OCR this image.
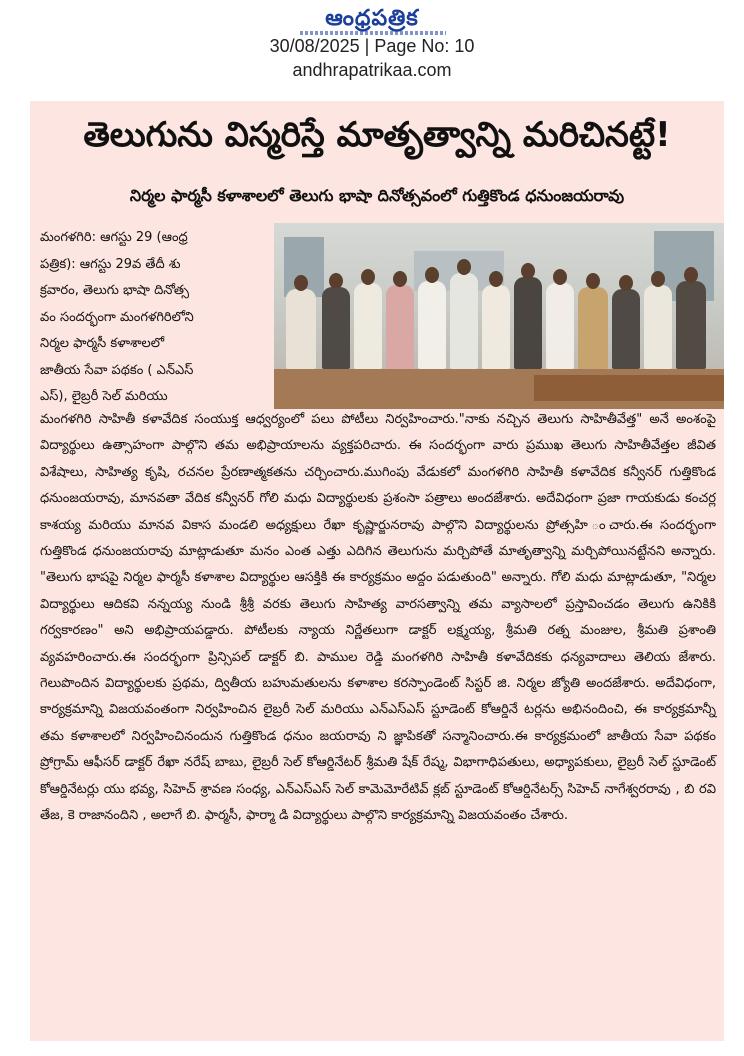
ఆంధ్రపత్రిక
30/08/2025 | Page No: 10
andhrapatrikaa.com
తెలుగును విస్మరిస్తే మాతృత్వాన్ని మరిచినట్టే!
నిర్మల ఫార్మసీ కళాశాలలో తెలుగు భాషా దినోత్సవంలో గుత్తికొండ ధనుంజయరావు
మంగళగిరి: ఆగస్టు 29 (ఆంధ్ర
పత్రిక): ఆగస్టు 29వ తేదీ శు
క్రవారం, తెలుగు భాషా దినోత్స
వం సందర్భంగా మంగళగిరిలోని
నిర్మల ఫార్మసీ కళాశాలలో
జాతీయ సేవా పథకం ( ఎన్ఎస్
ఎస్), లైబ్రరీ సెల్ మరియు
మంగళగిరి సాహితీ కళావేదిక సంయుక్త ఆధ్వర్యంలో పలు పోటీలు నిర్వహించారు."నాకు నచ్చిన తెలుగు సాహితీవేత్త" అనే అంశంపై విద్యార్థులు ఉత్సాహంగా పాల్గొని తమ అభిప్రాయాలను వ్యక్తపరిచారు. ఈ సందర్భంగా వారు ప్రముఖ తెలుగు సాహితీవేత్తల జీవిత విశేషాలు, సాహిత్య కృషి, రచనల ప్రేరణాత్మకతను చర్చించారు.ముగింపు వేడుకలో మంగళగిరి సాహితీ కళావేదిక కన్వీనర్ గుత్తికొండ ధనుంజయరావు, మానవతా వేదిక కన్వీనర్ గోలి మధు విద్యార్థులకు ప్రశంసా పత్రాలు అందజేశారు. అదేవిధంగా ప్రజా గాయకుడు కంచర్ల కాశయ్య మరియు మానవ వికాస మండలి అధ్యక్షులు రేఖా కృష్ణార్జునరావు పాల్గొని విద్యార్థులను ప్రోత్సహి ంచారు.ఈ సందర్భంగా గుత్తికొండ ధనుంజయరావు మాట్లాడుతూ మనం ఎంత ఎత్తు ఎదిగిన తెలుగును మర్చిపోతే మాతృత్వాన్ని మర్చిపోయినట్టేనని అన్నారు. "తెలుగు భాషపై నిర్మల ఫార్మసీ కళాశాల విద్యార్థుల ఆసక్తికి ఈ కార్యక్రమం అద్దం పడుతుంది" అన్నారు. గోలి మధు మాట్లాడుతూ, "నిర్మల విద్యార్థులు ఆదికవి నన్నయ్య నుండి శ్రీశ్రీ వరకు తెలుగు సాహిత్య వారసత్వాన్ని తమ వ్యాసాలలో ప్రస్తావించడం తెలుగు ఉనికికి గర్వకారణం" అని అభిప్రాయపడ్డారు. పోటీలకు న్యాయ నిర్ణేతలుగా డాక్టర్ లక్ష్మయ్య, శ్రీమతి రత్న మంజుల, శ్రీమతి ప్రశాంతి వ్యవహరించారు.ఈ సందర్భంగా ప్రిన్సిపల్ డాక్టర్ బి. పాముల రెడ్డి మంగళగిరి సాహితీ కళావేదికకు ధన్యవాదాలు తెలియ జేశారు. గెలుపొందిన విద్యార్థులకు ప్రథమ, ద్వితీయ బహుమతులను కళాశాల కరస్పాండెంట్ సిస్టర్ జి. నిర్మల జ్యోతి అందజేశారు. అదేవిధంగా, కార్యక్రమాన్ని విజయవంతంగా నిర్వహించిన లైబ్రరీ సెల్ మరియు ఎన్ఎస్ఎస్ స్టూడెంట్ కోఆర్డినే టర్లను అభినందించి, ఈ కార్యక్రమాన్నీ తమ కళాశాలలో నిర్వహించినందున గుత్తికొండ ధనుం జయరావు ని జ్ఞాపికతో సన్మానించారు.ఈ కార్యక్రమంలో జాతీయ సేవా పథకం ప్రోగ్రామ్ ఆఫీసర్ డాక్టర్ రేఖా నరేష్ బాబు, లైబ్రరీ సెల్ కోఆర్డినేటర్ శ్రీమతి షేక్ రేష్మ, విభాగాధిపతులు, అధ్యాపకులు, లైబ్రరీ సెల్ స్టూడెంట్ కోఆర్డినేటర్లు యు భవ్య, సిహెచ్ శ్రావణ సంధ్య, ఎన్ఎస్ఎస్ సెల్ కామెమోరేటివ్ క్లబ్ స్టూడెంట్ కోఆర్డినేటర్స్ సిహెచ్ నాగేశ్వరరావు , బి రవి తేజ, కె రాజానందిని , అలాగే బి. ఫార్మసీ, ఫార్మా డి విద్యార్థులు పాల్గొని కార్యక్రమాన్ని విజయవంతం చేశారు.
